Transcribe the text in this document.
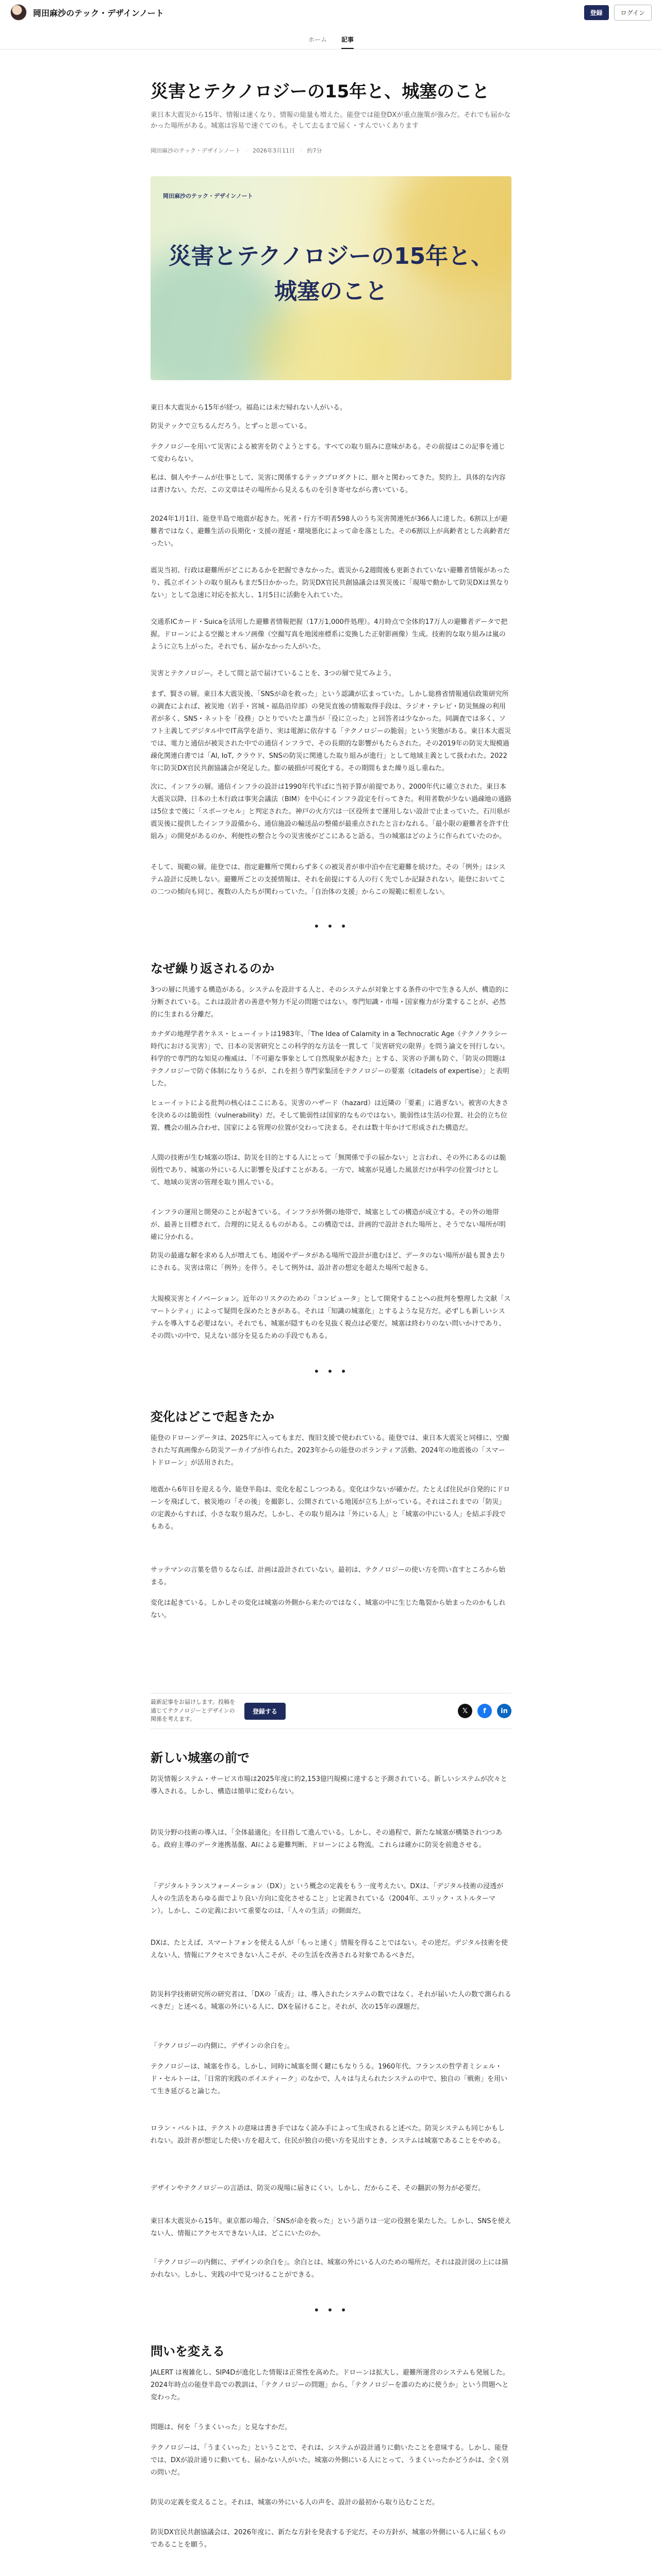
岡田麻沙のテック・デザインノート	登録	ログイン
ホーム 記事
災害とテクノロジーの15年と、城塞のこと
東日本大震災から15年、情報は速くなり、情報の総量も増えた。能登では能登DXが重点施策が強みだ。それでも届かなかった場所がある。城塞は容易で速ぐてのも。そして去るまで届く・すんでいくあります
岡田麻沙のテック・デザインノート · 2026年3月11日 · 約7分
岡田麻沙のテック・デザインノート
災害とテクノロジーの15年と、
城塞のこと
東日本大震災から15年が経つ。福島には未だ帰れない人がいる。
防災テックで立ちるんだろう。とずっと思っている。
テクノロジーを用いて災害による被害を防ぐようとする。すべての取り組みに意味がある。その前提はこの記事を通じて変わらない。
私は、個人やチームが仕事として、災害に関係するテックプロダクトに、細々と関わってきた。契約上、具体的な内容は書けない。ただ、この文章はその場所から見えるものを引き寄せながら書いている。
2024年1月1日、能登半島で地震が起きた。死者・行方不明者598人のうち災害関連死が366人に達した。6割以上が避難者ではなく、避難生活の長期化・支援の遅延・環境悪化によって命を落とした。その6割以上が高齢者とした高齢者だったい。
震災当初、行政は避難所がどこにあるかを把握できなかった。震災から2週間後も更新されていない避難者情報があったり、孤立ポイントの取り組みもまだ5日かかった。防災DX官民共創協議会は異災後に「現場で動かして防災DXは異なりない」として急速に対応を拡大し、1月5日に活動を入れていた。
交通系ICカード・Suicaを活用した避難者情報把握（17万1,000件処理）。4月時点で全体約17万人の避難者データで把握。ドローンによる空撮とオルソ画像（空撮写真を地図座標系に変換した正射影画像）生成。技術的な取り組みは嵐のように立ち上がった。それでも、届かなかった人がいた。
災害とテクノロジー。そして間と話で届けていることを、3つの層で見てみよう。
まず、賢さの層。東日本大震災後、「SNSが命を救った」という認識が広まっていた。しかし総務省情報通信政策研究所の調査によれば、被災地（岩手・宮城・福島沿岸部）の発災直後の情報取得手段は、ラジオ・テレビ・防災無線の利用者が多く、SNS・ネットを「役務」ひとりでいたと誰当が「役に立った」と回答者は少なかった。同調査では多く、ソフト主義してデジタル中でIT高学を語り、実は電源に依存する「テクノロジーの脆弱」という実態がある。東日本大震災では、電力と通信が被災された中での通信インフラで、その長期的な影響がもたらされた。その2019年の防災大規模過疎化関連白書では「Al, IoT, クラウド、SNSの防災に関連した取り組みが進行」として地域主義として扱われた。2022年に防災DX官民共創協議会が発足した。膨の破損が可視化する。その期間もまた繰り返し重ねた。
次に、インフラの層。通信インフラの設計は1990年代半ばに当初予算が前提であり、2000年代に確立された。東日本大震災以降、日本の土木行政は事実会議法（BIM）を中心にインフラ設定を行ってきた。利用者数が少ない過疎地の通路は5位まで後に「スポーツセル」と判定された。神戸の火方穴は一区役所まで運用しない設計で止まっていた。石川県が震災後に提供したインフラ設備から、通信施設の輸送品の整備が最重点されたと言わなれる。「最小限の避難者を許す仕組み」の開発があるのか、利便性の整合と今の災害後がどこにあると語る。当の城塞はどのように作られていたのか。
そして、規範の層。能登では、指定避難所で関わらず多くの被災者が車中泊や在宅避難を続けた。その「例外」はシステム設計に反映しない。避難所ごとの支援情報は、それを前提にする人の行く先でしか記録されない。能登においてこの二つの傾向も同じ、複数の人たちが関わっていた。「自治体の支援」からこの規範に根差しない。
• • •
なぜ繰り返されるのか
3つの層に共通する構造がある。システムを設計する人と、そのシステムが対象とする条件の中で生きる人が、構造的に分断されている。これは設計者の善意や努力不足の問題ではない。専門知識・市場・国家権力が分業することが、必然的に生まれる分離だ。
カナダの地理学者ケネス・ヒューイットは1983年、「The Idea of Calamity in a Technocratic Age（テクノクラシー時代における災害）」で、日本の災害研究とこの科学的な方法を一貫して「災害研究の限界」を問う論文を刊行しない。科学的で専門的な知見の権威は、「不可避な事象として自然現象が起きた」とする、災害の予測も防ぐ、「防災の問題はテクノロジーで防ぐ体制になりうるが、これを担う専門家集団をテクノロジーの要塞（citadels of expertise）」と表明した。
ヒューイットによる批判の核心はここにある。災害のハザード（hazard）は近隣の「要素」に過ぎない。被害の大きさを決めるのは脆弱性（vulnerability）だ。そして脆弱性は国家的なものではない。脆弱性は生活の位置、社会的立ち位置、機会の組み合わせ、国家による管理の位置が交わって決まる。それは数十年かけて形成された構造だ。
人間の技術が生む城塞の塔は、防災を目的とする人にとって「無関係で手の届かない」と言われ、その外にあるのは脆弱性であり、城塞の外にいる人に影響を及ぼすことがある。一方で、城塞が見通した風景だけが科学の位置づけとして、地域の災害の管理を取り囲んでいる。
インフラの運用と開発のことが起きている。インフラが外側の地帯で、城塞としての構造が成立する。その外の地帯が、最善と目標されて、合理的に見えるものがある。この構造では、計画的で設計された場所と、そうでない場所が明確に分かれる。
防災の最適な解を求める人が増えても、地図やデータがある場所で設計が進むほど、データのない場所が最も置き去りにされる。災害は常に「例外」を伴う。そして例外は、設計者の想定を超えた場所で起きる。
大規模災害とイノベーション。近年のリスクのための「コンピュータ」として開発することへの批判を整理した文献「スマートシティ」によって疑問を深めたときがある。それは「知識の城塞化」とするような見方だ。必ずしも新しいシステムを導入する必要はない。それでも、城塞が隠すものを見抜く視点は必要だ。城塞は終わりのない問いかけであり、その問いの中で、見えない部分を見るための手段でもある。
• • •
変化はどこで起きたか
能登のドローンデータは、2025年に入ってもまだ、復旧支援で使われている。能登では、東日本大震災と同様に、空撮された写真画像から防災アーカイブが作られた。2023年からの能登のボランティア活動、2024年の地震後の「スマートドローン」が活用された。
地震から6年目を迎える今、能登半島は、変化を起こしつつある。変化は少ないが確かだ。たとえば住民が自発的にドローンを飛ばして、被災地の「その後」を撮影し、公開されている地図が立ち上がっている。それはこれまでの「防災」の定義からすれば、小さな取り組みだ。しかし、その取り組みは「外にいる人」と「城塞の中にいる人」を結ぶ手段でもある。
サッテマンの言葉を借りるならば、計画は設計されていない。最初は、テクノロジーの使い方を問い直すところから始まる。
変化は起きている。しかしその変化は城塞の外側から来たのではなく、城塞の中に生じた亀裂から始まったのかもしれない。
最新記事をお届けします。投稿を通じてテクノロジーとデザインの関係を考えます。
登録する	𝕏	f	in
新しい城塞の前で
防災情報システム・サービス市場は2025年度に約2,153億円規模に達すると予測されている。新しいシステムが次々と導入される。しかし、構造は簡単に変わらない。
防災分野の技術の導入は、「全体最適化」を目指して進んでいる。しかし、その過程で、新たな城塞が構築されつつある。政府主導のデータ連携基盤、AIによる避難判断、ドローンによる物流。これらは確かに防災を前進させる。
「デジタルトランスフォーメーション（DX）」という概念の定義をもう一度考えたい。DXは、「デジタル技術の浸透が人々の生活をあらゆる面でより良い方向に変化させること」と定義されている（2004年、エリック・ストルターマン）。しかし、この定義において重要なのは、「人々の生活」の側面だ。
DXは、たとえば、スマートフォンを使える人が「もっと速く」情報を得ることではない。その逆だ。デジタル技術を使えない人、情報にアクセスできない人こそが、その生活を改善される対象であるべきだ。
防災科学技術研究所の研究者は、「DXの「成否」は、導入されたシステムの数ではなく、それが届いた人の数で測られるべきだ」と述べる。城塞の外にいる人に、DXを届けること。それが、次の15年の課題だ。
「テクノロジーの内側に、デザインの余白を」。
テクノロジーは、城塞を作る。しかし、同時に城塞を開く鍵にもなりうる。1960年代、フランスの哲学者ミシェル・ド・セルトーは、「日常的実践のポイエティーク」のなかで、人々は与えられたシステムの中で、独自の「戦術」を用いて生き延びると論じた。
ロラン・バルトは、テクストの意味は書き手ではなく読み手によって生成されると述べた。防災システムも同じかもしれない。設計者が想定した使い方を超えて、住民が独自の使い方を見出すとき、システムは城塞であることをやめる。
デザインやテクノロジーの言語は、防災の現場に届きにくい。しかし、だからこそ、その翻訳の努力が必要だ。
東日本大震災から15年。東京都の場合、「SNSが命を救った」という語りは一定の役割を果たした。しかし、SNSを使えない人、情報にアクセスできない人は、どこにいたのか。
「テクノロジーの内側に、デザインの余白を」。余白とは、城塞の外にいる人のための場所だ。それは設計図の上には描かれない。しかし、実践の中で見つけることができる。
• • •
問いを変える
JALERT は複雑化し、SIP4Dが進化した情報は正常性を高めた。ドローンは拡大し、避難所運営のシステムも発展した。2024年時点の能登半島での教訓は、「テクノロジーの問題」から、「テクノロジーを誰のために使うか」という問題へと変わった。
問題は、何を「うまくいった」と見なすかだ。
テクノロジーは、「うまくいった」ということで、それは、システムが設計通りに動いたことを意味する。しかし、能登では、DXが設計通りに動いても、届かない人がいた。城塞の外側にいる人にとって、うまくいったかどうかは、全く別の問いだ。
防災の定義を変えること。それは、城塞の外にいる人の声を、設計の最初から取り込むことだ。
防災DX官民共創協議会は、2026年度に、新たな方針を発表する予定だ。その方針が、城塞の外側にいる人に届くものであることを願う。
